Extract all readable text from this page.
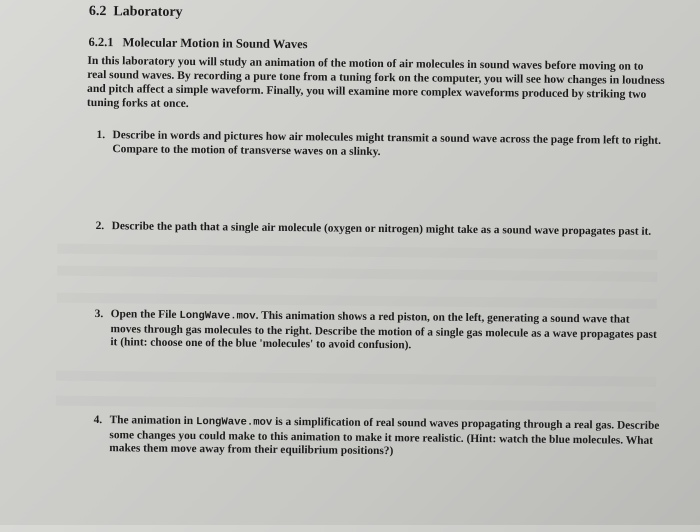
6.2 Laboratory
6.2.1 Molecular Motion in Sound Waves

In this laboratory you will study an animation of the motion of air molecules in sound waves before moving on to real sound waves. By recording a pure tone from a tuning fork on the computer, you will see how changes in loudness and pitch affect a simple waveform. Finally, you will examine more complex waveforms produced by striking two tuning forks at once.

1. Describe in words and pictures how air molecules might transmit a sound wave across the page from left to right. Compare to the motion of transverse waves on a slinky.
2. Describe the path that a single air molecule (oxygen or nitrogen) might take as a sound wave propagates past it.
3. Open the File LongWave.mov. This animation shows a red piston, on the left, generating a sound wave that moves through gas molecules to the right. Describe the motion of a single gas molecule as a wave propagates past it (hint: choose one of the blue 'molecules' to avoid confusion).
4. The animation in LongWave.mov is a simplification of real sound waves propagating through a real gas. Describe some changes you could make to this animation to make it more realistic. (Hint: watch the blue molecules. What makes them move away from their equilibrium positions?)
